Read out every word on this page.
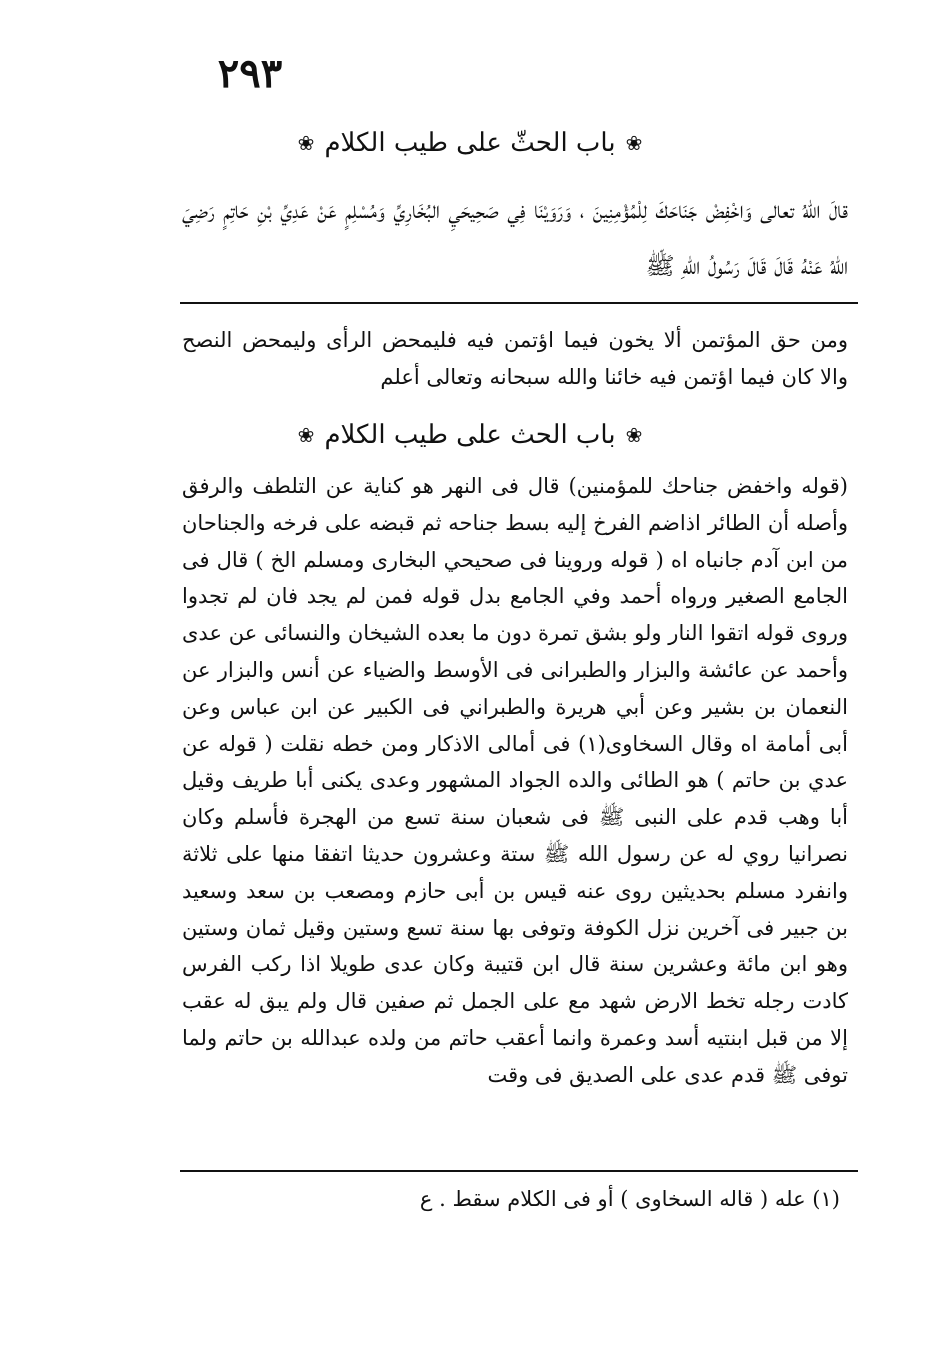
٢٩٣
❀
باب الحثّ على طيب الكلام
❀
قالَ اللهُ تعالى وَاخْفِضْ جَنَاحَكَ لِلْمُؤْمِنِينَ ، وَرَوَيْنَا فِي صَحِيحَيِ البُخَارِيِّ وَمُسْلِمٍ عَنْ عَدِيِّ بْنِ حَاتِمٍ رَضِيَ اللهُ عَنْهُ قَالَ قَالَ رَسُولُ اللهِ ﷺ
ومن حق المؤتمن ألا يخون فيما اؤتمن فيه فليمحض الرأى وليمحض النصح والا كان فيما اؤتمن فيه خائنا والله سبحانه وتعالى أعلم
❀
باب الحث على طيب الكلام
❀
(قوله واخفض جناحك للمؤمنين) قال فى النهر هو كناية عن التلطف والرفق وأصله أن الطائر اذاضم الفرخ إليه بسط جناحه ثم قبضه على فرخه والجناحان من ابن آدم جانباه اه ( قوله وروينا فى صحيحي البخارى ومسلم الخ ) قال فى الجامع الصغير ورواه أحمد وفي الجامع بدل قوله فمن لم يجد فان لم تجدوا وروى قوله اتقوا النار ولو بشق تمرة دون ما بعده الشيخان والنسائى عن عدى وأحمد عن عائشة والبزار والطبرانى فى الأوسط والضياء عن أنس والبزار عن النعمان بن بشير وعن أبي هريرة والطبراني فى الكبير عن ابن عباس وعن أبى أمامة اه وقال السخاوى(١) فى أمالى الاذكار ومن خطه نقلت ( قوله عن عدي بن حاتم ) هو الطائى والده الجواد المشهور وعدى يكنى أبا طريف وقيل أبا وهب قدم على النبى ﷺ فى شعبان سنة تسع من الهجرة فأسلم وكان نصرانيا روي له عن رسول الله ﷺ ستة وعشرون حديثا اتفقا منها على ثلاثة وانفرد مسلم بحديثين روى عنه قيس بن أبى حازم ومصعب بن سعد وسعيد بن جبير فى آخرين نزل الكوفة وتوفى بها سنة تسع وستين وقيل ثمان وستين وهو ابن مائة وعشرين سنة قال ابن قتيبة وكان عدى طويلا اذا ركب الفرس كادت رجله تخط الارض شهد مع على الجمل ثم صفين قال ولم يبق له عقب إلا من قبل ابنتيه أسد وعمرة وانما أعقب حاتم من ولده عبدالله بن حاتم ولما توفى ﷺ قدم عدى على الصديق فى وقت
(١) عله ( قاله السخاوى ) أو فى الكلام سقط . ع
